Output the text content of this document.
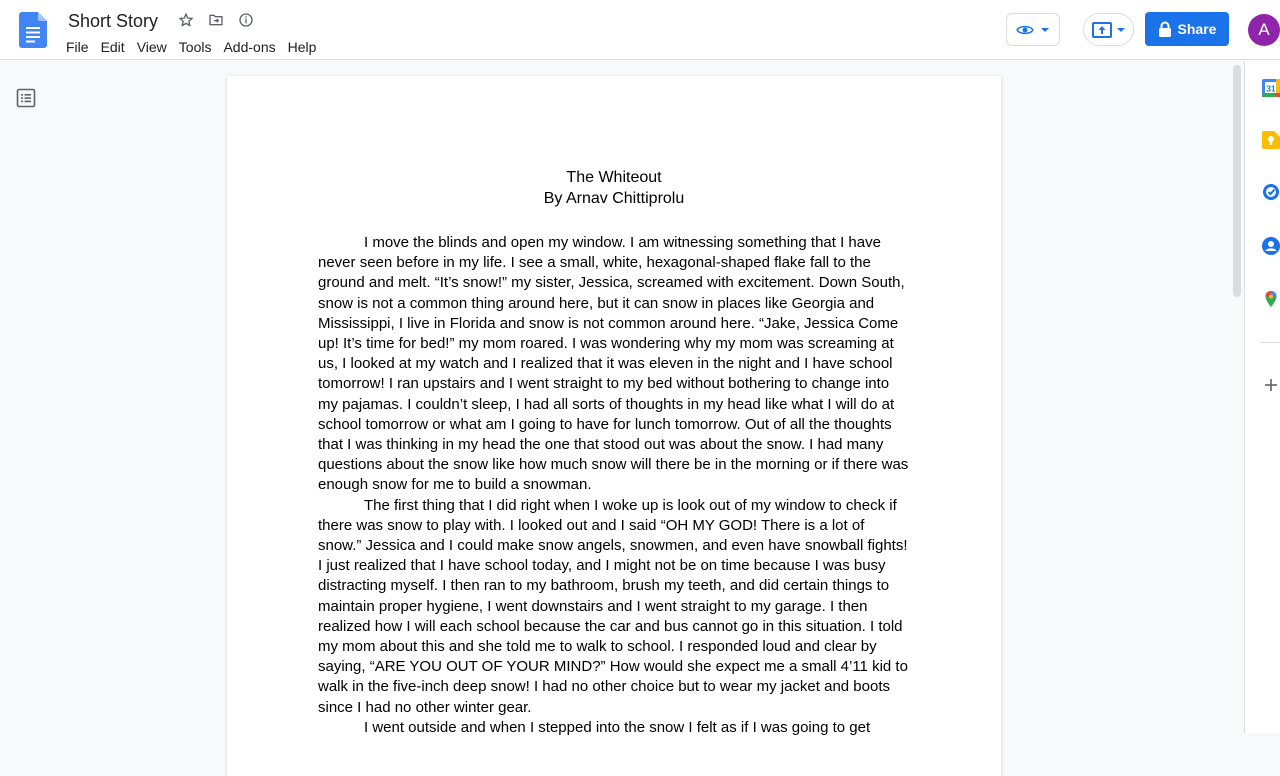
Short Story
File Edit View Tools Add-ons Help
Share	A
The Whiteout
By Arnav Chittiprolu

I move the blinds and open my window. I am witnessing something that I have never seen before in my life. I see a small, white, hexagonal-shaped flake fall to the ground and melt. “It’s snow!” my sister, Jessica, screamed with excitement. Down South, snow is not a common thing around here, but it can snow in places like Georgia and Mississippi, I live in Florida and snow is not common around here. “Jake, Jessica Come up! It’s time for bed!” my mom roared. I was wondering why my mom was screaming at us, I looked at my watch and I realized that it was eleven in the night and I have school tomorrow! I ran upstairs and I went straight to my bed without bothering to change into my pajamas. I couldn’t sleep, I had all sorts of thoughts in my head like what I will do at school tomorrow or what am I going to have for lunch tomorrow. Out of all the thoughts that I was thinking in my head the one that stood out was about the snow. I had many questions about the snow like how much snow will there be in the morning or if there was enough snow for me to build a snowman.

The first thing that I did right when I woke up is look out of my window to check if there was snow to play with. I looked out and I said “OH MY GOD! There is a lot of snow.” Jessica and I could make snow angels, snowmen, and even have snowball fights! I just realized that I have school today, and I might not be on time because I was busy distracting myself. I then ran to my bathroom, brush my teeth, and did certain things to maintain proper hygiene, I went downstairs and I went straight to my garage. I then realized how I will each school because the car and bus cannot go in this situation. I told my mom about this and she told me to walk to school. I responded loud and clear by saying, “ARE YOU OUT OF YOUR MIND?” How would she expect me a small 4’11 kid to walk in the five-inch deep snow! I had no other choice but to wear my jacket and boots since I had no other winter gear.

I went outside and when I stepped into the snow I felt as if I was going to get

31
